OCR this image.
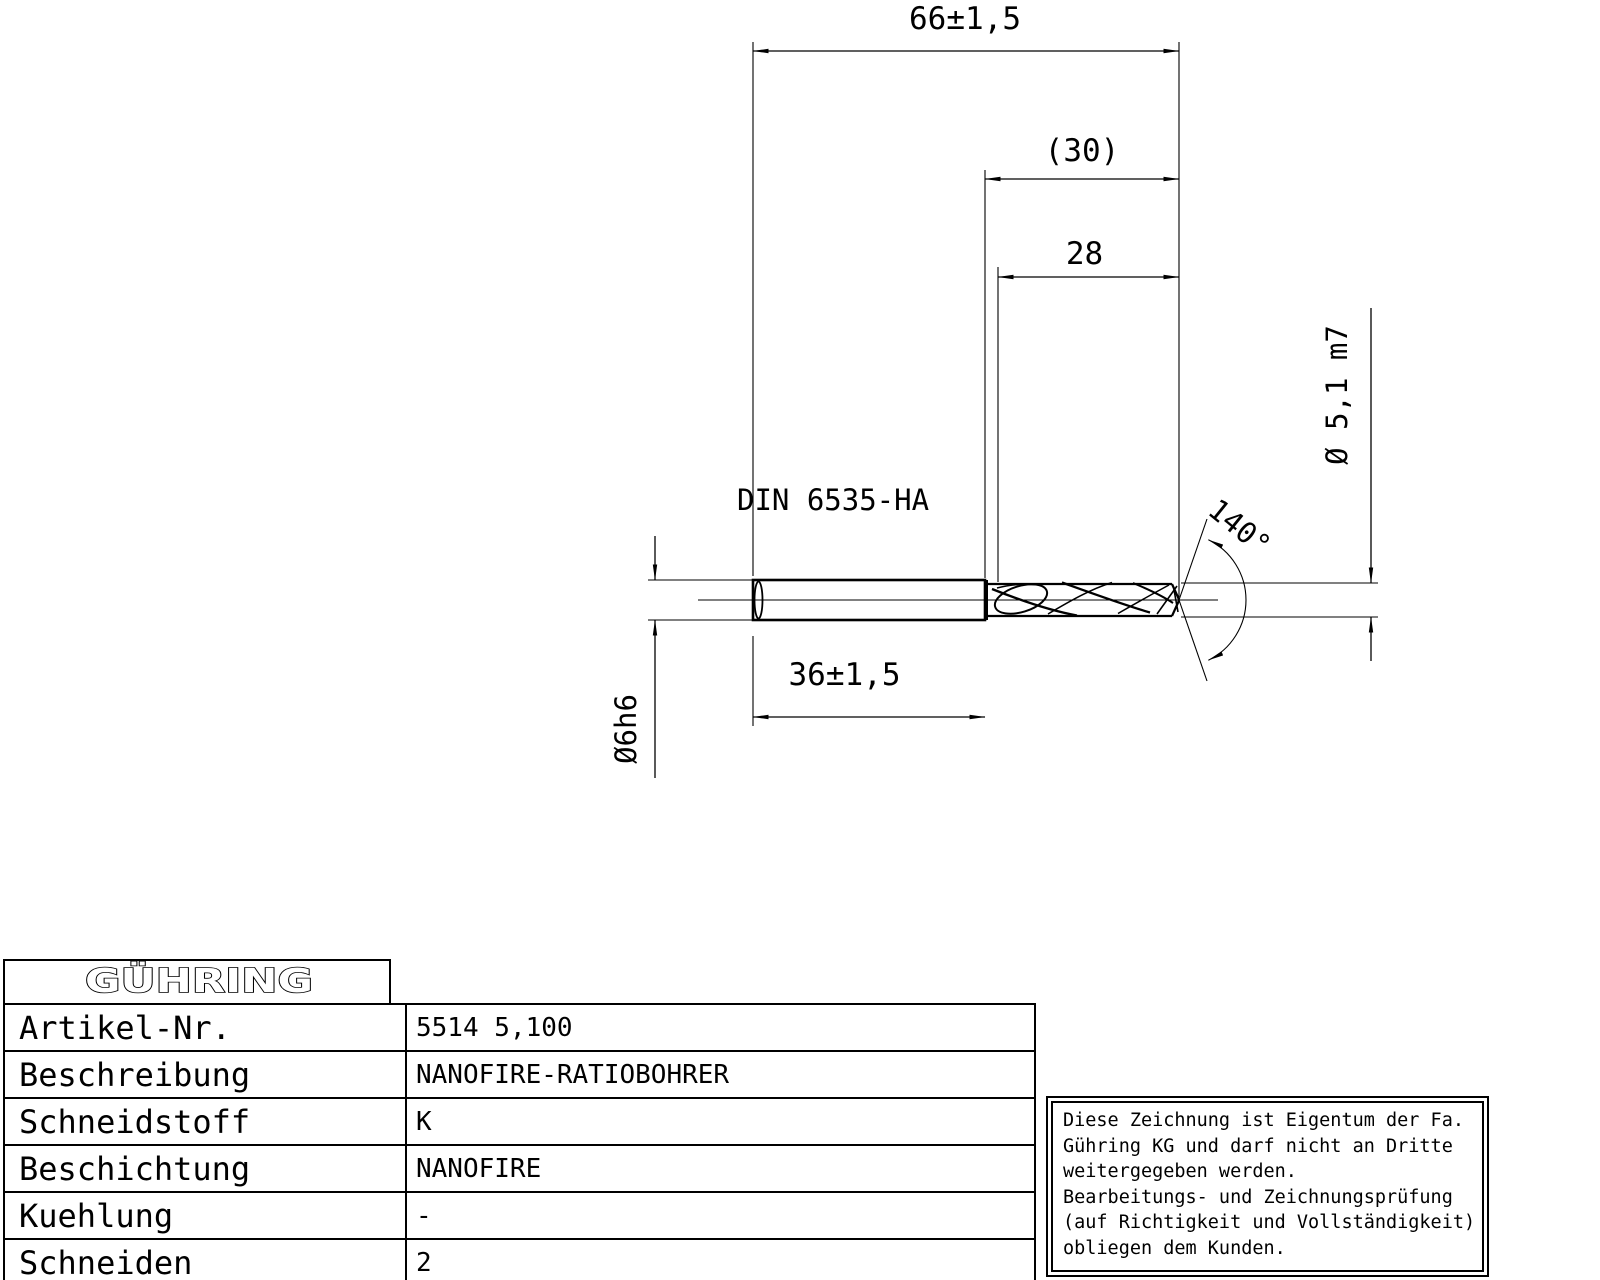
66±1,5
(30)
28
DIN 6535-HA
36±1,5
Ø6h6
Ø 5,1 m7
140°
GÜHRING
Artikel-Nr.	5514 5,100
Beschreibung	NANOFIRE-RATIOBOHRER
Schneidstoff	K
Beschichtung	NANOFIRE
Kuehlung	-
Schneiden	2
Diese Zeichnung ist Eigentum der Fa.
Gühring KG und darf nicht an Dritte
weitergegeben werden.
Bearbeitungs- und Zeichnungsprüfung
(auf Richtigkeit und Vollständigkeit)
obliegen dem Kunden.
